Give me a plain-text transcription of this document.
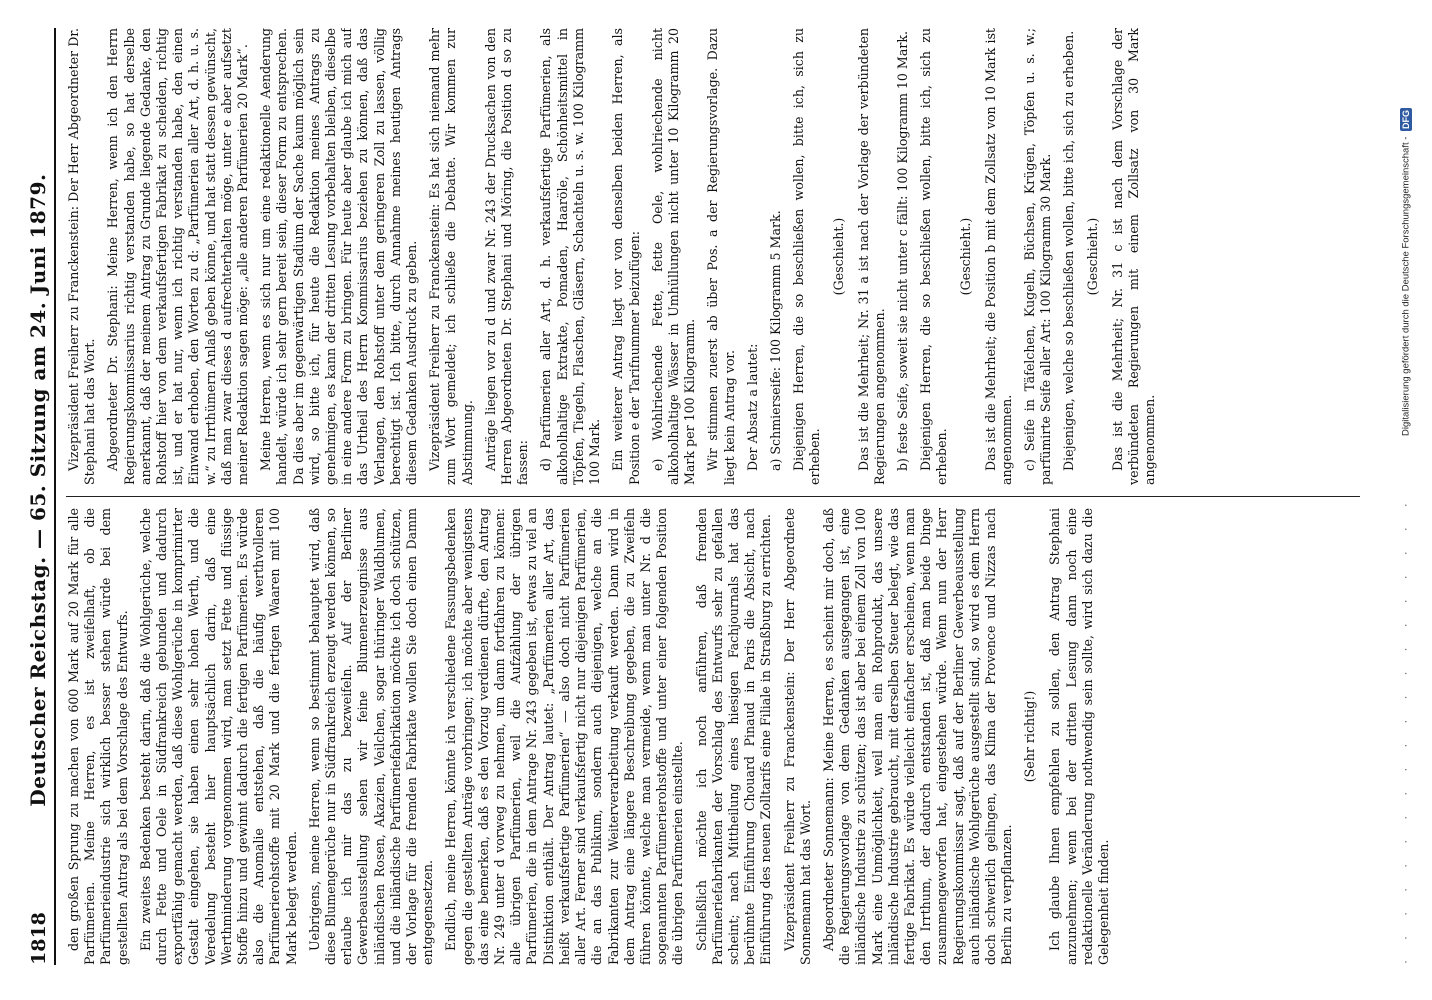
1818
Deutscher Reichstag. — 65. Sitzung am 24. Juni 1879. den großen Sprung zu machen von 600 Mark auf 20 Mark für alle Parfümerien. Meine Herren, es ist zweifelhaft, ob die Parfümerieindustrie sich wirklich besser stehen würde bei dem gestellten Antrag als bei dem Vorschlage des Entwurfs. Ein zweites Bedenken besteht darin, daß die Wohlgerüche, welche durch Fette und Oele in Südfrankreich gebunden und dadurch exportfähig gemacht werden, daß diese Wohlgerüche in komprimirter Gestalt eingehen, sie haben einen sehr hohen Werth, und die Veredelung besteht hier hauptsächlich darin, daß eine Werthminderung vorgenommen wird, man setzt Fette und flüssige Stoffe hinzu und gewinnt dadurch die fertigen Parfümerien. Es würde also die Anomalie entstehen, daß die häufig werthvolleren Parfümerierohstoffe mit 20 Mark und die fertigen Waaren mit 100 Mark belegt werden. Uebrigens, meine Herren, wenn so bestimmt behauptet wird, daß diese Blumengerüche nur in Südfrankreich erzeugt werden können, so erlaube ich mir das zu bezweifeln. Auf der Berliner Gewerbeausstellung sehen wir feine Blumenerzeugnisse aus inländischen Rosen, Akazien, Veilchen, sogar thüringer Waldblumen, und die inländische Parfümeriefabrikation möchte ich doch schützen, der Vorlage für die fremden Fabrikate wollen Sie doch einen Damm entgegensetzen. Endlich, meine Herren, könnte ich verschiedene Fassungsbedenken gegen die gestellten Anträge vorbringen; ich möchte aber wenigstens das eine bemerken, daß es den Vorzug verdienen dürfte, den Antrag Nr. 249 unter d vorweg zu nehmen, um dann fortfahren zu können: alle übrigen Parfümerien, weil die Aufzählung der übrigen Parfümerien, die in dem Antrage Nr. 243 gegeben ist, etwas zu viel an Distinktion enthält. Der Antrag lautet: „Parfümerien aller Art, das heißt verkaufsfertige Parfümerien“ — also doch nicht Parfümerien aller Art. Ferner sind verkaufsfertig nicht nur diejenigen Parfümerien, die an das Publikum, sondern auch diejenigen, welche an die Fabrikanten zur Weiterverarbeitung verkauft werden. Dann wird in dem Antrag eine längere Beschreibung gegeben, die zu Zweifeln führen könnte, welche man vermeide, wenn man unter Nr. d die sogenannten Parfümerierohstoffe und unter einer folgenden Position die übrigen Parfümerien einstellte. Schließlich möchte ich noch anführen, daß fremden Parfümeriefabrikanten der Vorschlag des Entwurfs sehr zu gefallen scheint; nach Mittheilung eines hiesigen Fachjournals hat das berühmte Einführung Chouard Pinaud in Paris die Absicht, nach Einführung des neuen Zolltarifs eine Filiale in Straßburg zu errichten. Vizepräsident Freiherr zu Franckenstein: Der Herr Abgeordnete Sonnemann hat das Wort. Abgeordneter Sonnemann: Meine Herren, es scheint mir doch, daß die Regierungsvorlage von dem Gedanken ausgegangen ist, eine inländische Industrie zu schützen; das ist aber bei einem Zoll von 100 Mark eine Unmöglichkeit, weil man ein Rohprodukt, das unsere inländische Industrie gebraucht, mit derselben Steuer belegt, wie das fertige Fabrikat. Es würde vielleicht einfacher erscheinen, wenn man den Irrthum, der dadurch entstanden ist, daß man beide Dinge zusammengeworfen hat, eingestehen würde. Wenn nun der Herr Regierungskommissar sagt, daß auf der Berliner Gewerbeausstellung auch inländische Wohlgerüche ausgestellt sind, so wird es dem Herrn doch schwerlich gelingen, das Klima der Provence und Nizzas nach Berlin zu verpflanzen.

(Sehr richtig!) Ich glaube Ihnen empfehlen zu sollen, den Antrag Stephani anzunehmen; wenn bei der dritten Lesung dann noch eine redaktionelle Veränderung nothwendig sein sollte, wird sich dazu die Gelegenheit finden.

Vizepräsident Freiherr zu Franckenstein: Der Herr Abgeordneter Dr. Stephani hat das Wort. Abgeordneter Dr. Stephani: Meine Herren, wenn ich den Herrn Regierungskommissarius richtig verstanden habe, so hat derselbe anerkannt, daß der meinem Antrag zu Grunde liegende Gedanke, den Rohstoff hier von dem verkaufsfertigen Fabrikat zu scheiden, richtig ist, und er hat nur, wenn ich richtig verstanden habe, den einen Einwand erhoben, den Worten zu d: „Parfümerien aller Art, d. h. u. s. w.“ zu Irrthümern Anlaß geben könne, und hat statt dessen gewünscht, daß man zwar dieses d aufrechterhalten möge, unter e aber aufsetzt meiner Redaktion sagen möge: „alle anderen Parfümerien 20 Mark“. Meine Herren, wenn es sich nur um eine redaktionelle Aenderung handelt, würde ich sehr gern bereit sein, dieser Form zu entsprechen. Da dies aber im gegenwärtigen Stadium der Sache kaum möglich sein wird, so bitte ich, für heute die Redaktion meines Antrags zu genehmigen, es kann der dritten Lesung vorbehalten bleiben, dieselbe in eine andere Form zu bringen. Für heute aber glaube ich mich auf das Urtheil des Herrn Kommissarius beziehen zu können, daß das Verlangen, den Rohstoff unter dem geringeren Zoll zu lassen, völlig berechtigt ist. Ich bitte, durch Annahme meines heutigen Antrags diesem Gedanken Ausdruck zu geben. Vizepräsident Freiherr zu Franckenstein: Es hat sich niemand mehr zum Wort gemeldet; ich schließe die Debatte. Wir kommen zur Abstimmung. Anträge liegen vor zu d und zwar Nr. 243 der Drucksachen von den Herren Abgeordneten Dr. Stephani und Möring, die Position d so zu fassen: d) Parfümerien aller Art, d. h. verkaufsfertige Parfümerien, als alkoholhaltige Extrakte, Pomaden, Haaröle, Schönheitsmittel in Töpfen, Tiegeln, Flaschen, Gläsern, Schachteln u. s. w. 100 Kilogramm 100 Mark. Ein weiterer Antrag liegt vor von denselben beiden Herren, als Position e der Tarifnummer beizufügen: e) Wohlriechende Fette, fette Oele, wohlriechende nicht alkoholhaltige Wässer in Umhüllungen nicht unter 10 Kilogramm 20 Mark per 100 Kilogramm. Wir stimmen zuerst ab über Pos. a der Regierungsvorlage. Dazu liegt kein Antrag vor. Der Absatz a lautet: a) Schmierseife: 100 Kilogramm 5 Mark. Diejenigen Herren, die so beschließen wollen, bitte ich, sich zu erheben.

(Geschieht.) Das ist die Mehrheit; Nr. 31 a ist nach der Vorlage der verbündeten Regierungen angenommen. b) feste Seife, soweit sie nicht unter c fällt: 100 Kilogramm 10 Mark. Diejenigen Herren, die so beschließen wollen, bitte ich, sich zu erheben.

(Geschieht.) Das ist die Mehrheit; die Position b mit dem Zollsatz von 10 Mark ist angenommen. c) Seife in Täfelchen, Kugeln, Büchsen, Krügen, Töpfen u. s. w.; parfümirte Seife aller Art: 100 Kilogramm 30 Mark. Diejenigen, welche so beschließen wollen, bitte ich, sich zu erheben. (Geschieht.) Das ist die Mehrheit; Nr. 31 c ist nach dem Vorschlage der verbündeten Regierungen mit einem Zollsatz von 30 Mark angenommen.

· · · · · · · · · · · · · · · · · · · ·
Digitalisierung gefördert durch die Deutsche Forschungsgemeinschaft -
DFG
